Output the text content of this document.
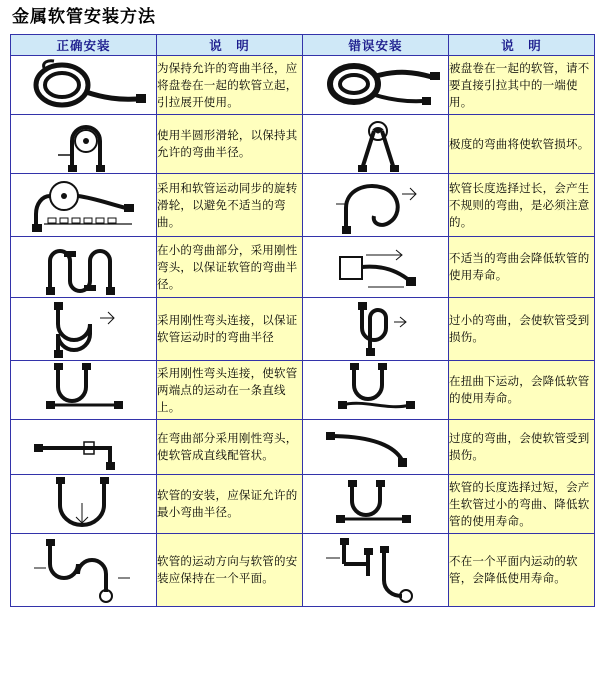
金属软管安装方法
正确安装	说　明	错误安装	说　明

	为保持允许的弯曲半径，应将盘卷在一起的软管立起，引拉展开使用。		被盘卷在一起的软管，请不要直接引拉其中的一端使用。

	使用半圆形滑轮，以保持其允许的弯曲半径。		极度的弯曲将使软管损坏。

	采用和软管运动同步的旋转滑轮，以避免不适当的弯曲。		软管长度选择过长，会产生不规则的弯曲，是必须注意的。

	在小的弯曲部分，采用刚性弯头，以保证软管的弯曲半径。		不适当的弯曲会降低软管的使用寿命。

	采用刚性弯头连接，以保证软管运动时的弯曲半径		过小的弯曲，会使软管受到损伤。

	采用刚性弯头连接，使软管两端点的运动在一条直线上。		在扭曲下运动，会降低软管的使用寿命。

	在弯曲部分采用刚性弯头，使软管成直线配管状。		过度的弯曲，会使软管受到损伤。

	软管的安装，应保证允许的最小弯曲半径。		软管的长度选择过短，会产生软管过小的弯曲、降低软管的使用寿命。

	软管的运动方向与软管的安装应保持在一个平面。		不在一个平面内运动的软管，会降低使用寿命。
